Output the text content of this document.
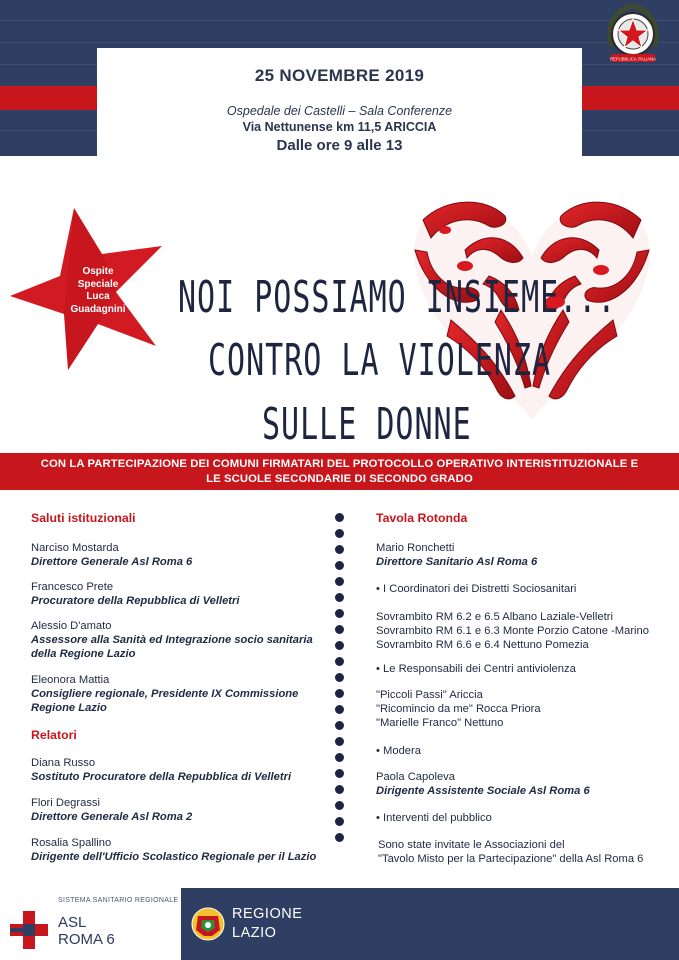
25 NOVEMBRE 2019
Ospedale dei Castelli – Sala Conferenze
Via Nettunense km 11,5 ARICCIA
Dalle ore 9 alle 13
REPUBBLICA ITALIANA
Ospite
Speciale
Luca
Guadagnini	NOI POSSIAMO INSIEME...
CONTRO LA VIOLENZA
SULLE DONNE
CON LA PARTECIPAZIONE DEI COMUNI FIRMATARI DEL PROTOCOLLO OPERATIVO INTERISTITUZIONALE E
LE SCUOLE SECONDARIE DI SECONDO GRADO
Saluti istituzionali
Narciso Mostarda
Direttore Generale Asl Roma 6
Francesco Prete
Procuratore della Repubblica di Velletri
Alessio D'amato
Assessore alla Sanità ed Integrazione socio sanitaria
della Regione Lazio
Eleonora Mattia
Consigliere regionale, Presidente IX Commissione
Regione Lazio
Relatori
Diana Russo
Sostituto Procuratore della Repubblica di Velletri
Flori Degrassi
Direttore Generale Asl Roma 2
Rosalia Spallino
Dirigente dell'Ufficio Scolastico Regionale per il Lazio
Tavola Rotonda
Mario Ronchetti
Direttore Sanitario Asl Roma 6
• I Coordinatori dei Distretti Sociosanitari
Sovrambito RM 6.2 e 6.5 Albano Laziale-Velletri
Sovrambito RM 6.1 e 6.3 Monte Porzio Catone -Marino
Sovrambito RM 6.6 e 6.4 Nettuno Pomezia
• Le Responsabili dei Centri antiviolenza
"Piccoli Passi" Ariccia
"Ricomincio da me" Rocca Priora
"Marielle Franco" Nettuno
• Modera
Paola Capoleva
Dirigente Assistente Sociale Asl Roma 6
• Interventi del pubblico
Sono state invitate le Associazioni del
"Tavolo Misto per la Partecipazione" della Asl Roma 6
SISTEMA SANITARIO REGIONALE
ASL
ROMA 6
REGIONE
LAZIO
